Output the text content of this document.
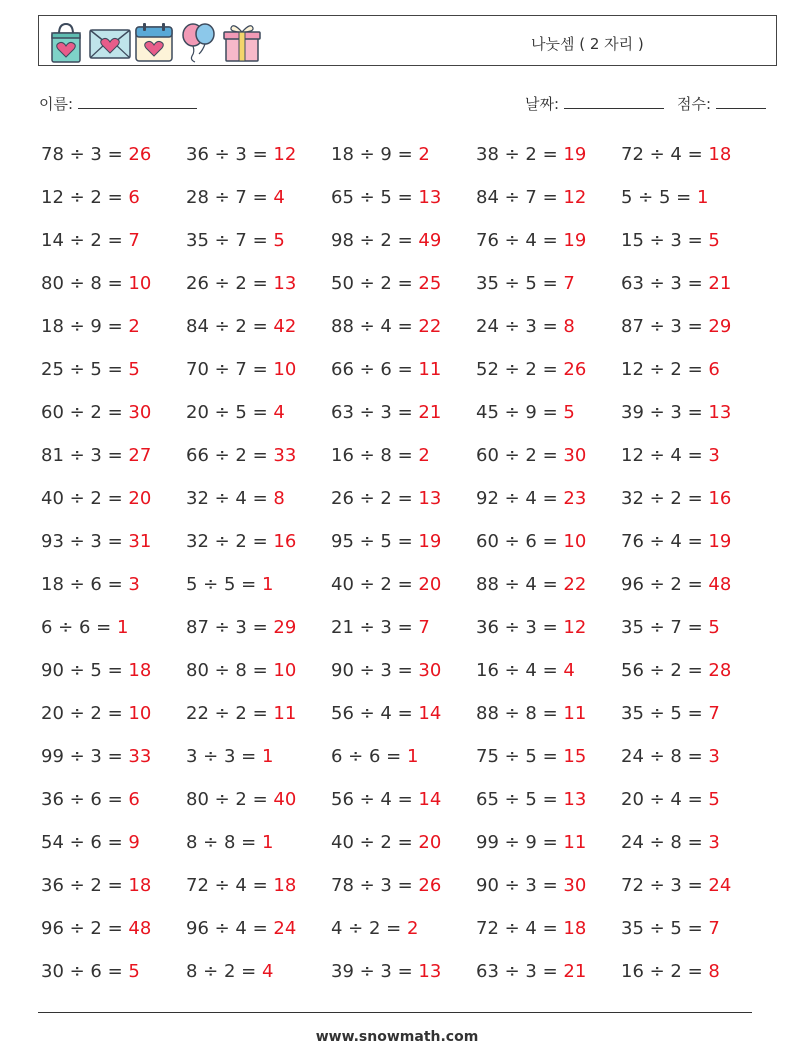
나눗셈 ( 2 자리 )
이름:	날짜:	점수:
78 ÷ 3 = 26	36 ÷ 3 = 12	18 ÷ 9 = 2	38 ÷ 2 = 19	72 ÷ 4 = 18
12 ÷ 2 = 6	28 ÷ 7 = 4	65 ÷ 5 = 13	84 ÷ 7 = 12	5 ÷ 5 = 1
14 ÷ 2 = 7	35 ÷ 7 = 5	98 ÷ 2 = 49	76 ÷ 4 = 19	15 ÷ 3 = 5
80 ÷ 8 = 10	26 ÷ 2 = 13	50 ÷ 2 = 25	35 ÷ 5 = 7	63 ÷ 3 = 21
18 ÷ 9 = 2	84 ÷ 2 = 42	88 ÷ 4 = 22	24 ÷ 3 = 8	87 ÷ 3 = 29
25 ÷ 5 = 5	70 ÷ 7 = 10	66 ÷ 6 = 11	52 ÷ 2 = 26	12 ÷ 2 = 6
60 ÷ 2 = 30	20 ÷ 5 = 4	63 ÷ 3 = 21	45 ÷ 9 = 5	39 ÷ 3 = 13
81 ÷ 3 = 27	66 ÷ 2 = 33	16 ÷ 8 = 2	60 ÷ 2 = 30	12 ÷ 4 = 3
40 ÷ 2 = 20	32 ÷ 4 = 8	26 ÷ 2 = 13	92 ÷ 4 = 23	32 ÷ 2 = 16
93 ÷ 3 = 31	32 ÷ 2 = 16	95 ÷ 5 = 19	60 ÷ 6 = 10	76 ÷ 4 = 19
18 ÷ 6 = 3	5 ÷ 5 = 1	40 ÷ 2 = 20	88 ÷ 4 = 22	96 ÷ 2 = 48
6 ÷ 6 = 1	87 ÷ 3 = 29	21 ÷ 3 = 7	36 ÷ 3 = 12	35 ÷ 7 = 5
90 ÷ 5 = 18	80 ÷ 8 = 10	90 ÷ 3 = 30	16 ÷ 4 = 4	56 ÷ 2 = 28
20 ÷ 2 = 10	22 ÷ 2 = 11	56 ÷ 4 = 14	88 ÷ 8 = 11	35 ÷ 5 = 7
99 ÷ 3 = 33	3 ÷ 3 = 1	6 ÷ 6 = 1	75 ÷ 5 = 15	24 ÷ 8 = 3
36 ÷ 6 = 6	80 ÷ 2 = 40	56 ÷ 4 = 14	65 ÷ 5 = 13	20 ÷ 4 = 5
54 ÷ 6 = 9	8 ÷ 8 = 1	40 ÷ 2 = 20	99 ÷ 9 = 11	24 ÷ 8 = 3
36 ÷ 2 = 18	72 ÷ 4 = 18	78 ÷ 3 = 26	90 ÷ 3 = 30	72 ÷ 3 = 24
96 ÷ 2 = 48	96 ÷ 4 = 24	4 ÷ 2 = 2	72 ÷ 4 = 18	35 ÷ 5 = 7
30 ÷ 6 = 5	8 ÷ 2 = 4	39 ÷ 3 = 13	63 ÷ 3 = 21	16 ÷ 2 = 8
www.snowmath.com
